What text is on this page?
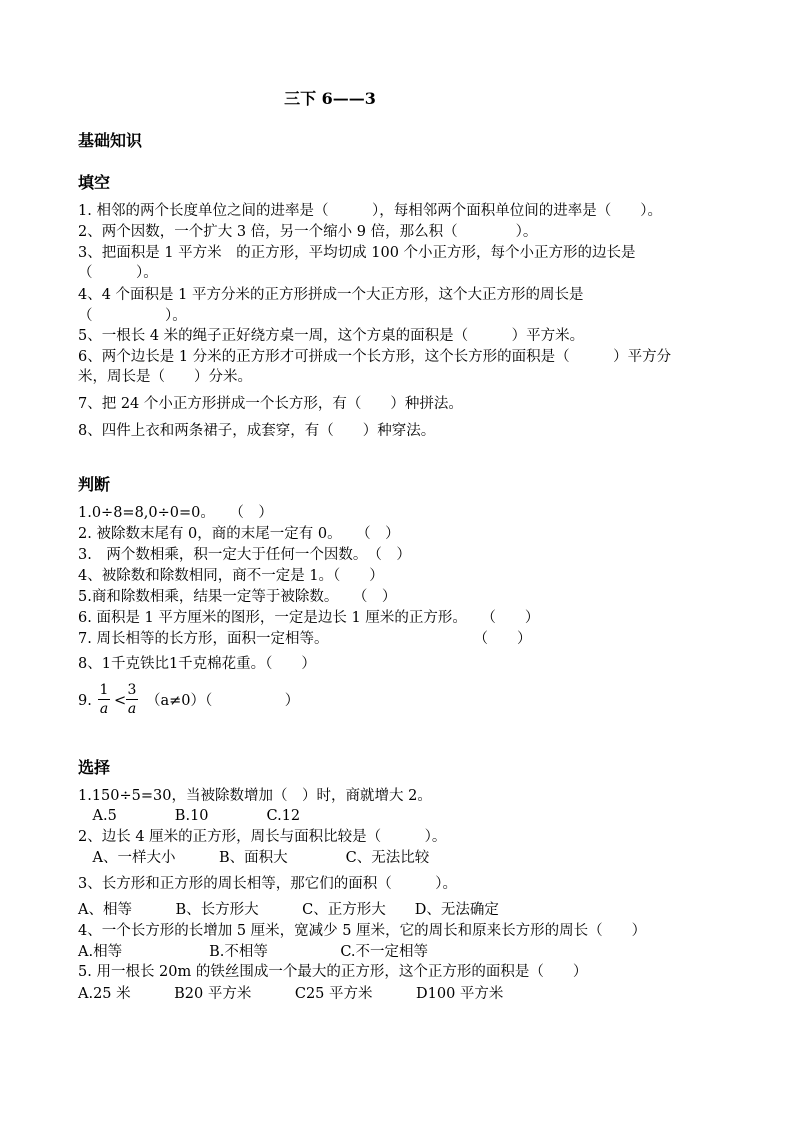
三下 6——3
基础知识
填空
1. 相邻的两个长度单位之间的进率是（　　　），每相邻两个面积单位间的进率是（　　）。
2、两个因数，一个扩大 3 倍，另一个缩小 9 倍，那么积（　　　　）。
3、把面积是 1 平方米　的正方形，平均切成 100 个小正方形，每个小正方形的边长是
（　　　）。
4、4 个面积是 1 平方分米的正方形拼成一个大正方形，这个大正方形的周长是
（　　　　　）。
5、一根长 4 米的绳子正好绕方桌一周，这个方桌的面积是（　　　）平方米。
6、两个边长是 1 分米的正方形才可拼成一个长方形，这个长方形的面积是（　　　）平方分
米，周长是（　　）分米。
7、把 24 个小正方形拼成一个长方形，有（　　）种拼法。
8、四件上衣和两条裙子，成套穿，有（　　）种穿法。
判断
1.0÷8=8,0÷0=0。　　（　）
2. 被除数末尾有 0，商的末尾一定有 0。　　（　）
3.　两个数相乘，积一定大于任何一个因数。　（　）
4、被除数和除数相同，商不一定是 1。（　　）
5.商和除数相乘，结果一定等于被除数。　　（　）
6. 面积是 1 平方厘米的图形，一定是边长 1 厘米的正方形。　　（　　）
7. 周长相等的长方形，面积一定相等。　　　　　　　　　　　（　　）
8、1千克铁比1千克棉花重。（　　）
9.
1
a <
3
a （a≠0）（　　　　　）
选择
1.150÷5=30，当被除数增加（　）时，商就增大 2。
　A.5　　　　B.10　　　　C.12
2、边长 4 厘米的正方形，周长与面积比较是（　　　）。
　A、一样大小　　　B、面积大　　　　C、无法比较
3、长方形和正方形的周长相等，那它们的面积（　　　）。
A、相等　　　B、长方形大　　　C、正方形大　　D、无法确定
4、一个长方形的长增加 5 厘米，宽减少 5 厘米，它的周长和原来长方形的周长（　　）
A.相等　　　　　　B.不相等　　　　　C.不一定相等
5. 用一根长 20m 的铁丝围成一个最大的正方形，这个正方形的面积是（　　）
A.25 米　　　B20 平方米　　　C25 平方米　　　D100 平方米
